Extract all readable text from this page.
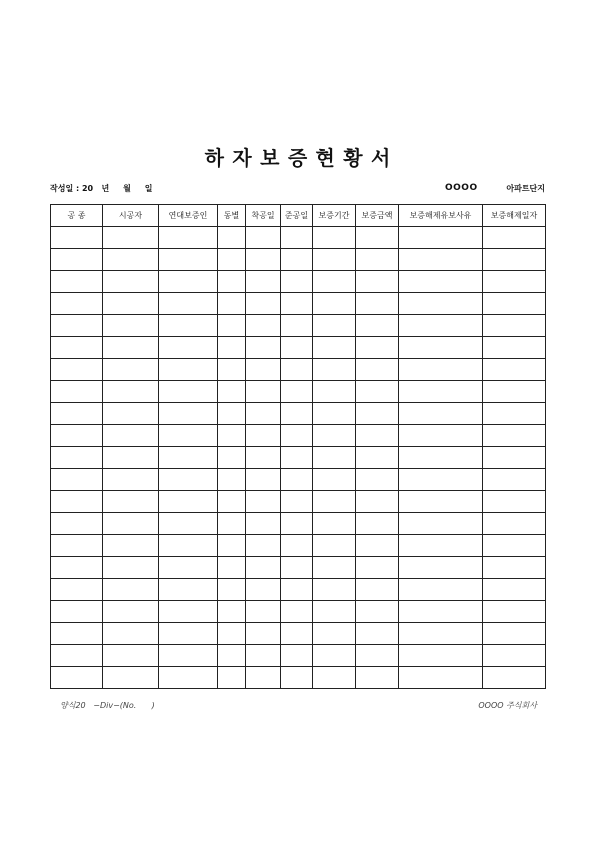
하자보증현황서
작성일 : 20   년     월     일	OOOO	아파트단지
공 종	시공자	연대보증인	동별	착공일	준공일	보증기간	보증금액	보증해제유보사유	보증해제일자

양식20   −Div−(No.      )	OOOO 주식회사
